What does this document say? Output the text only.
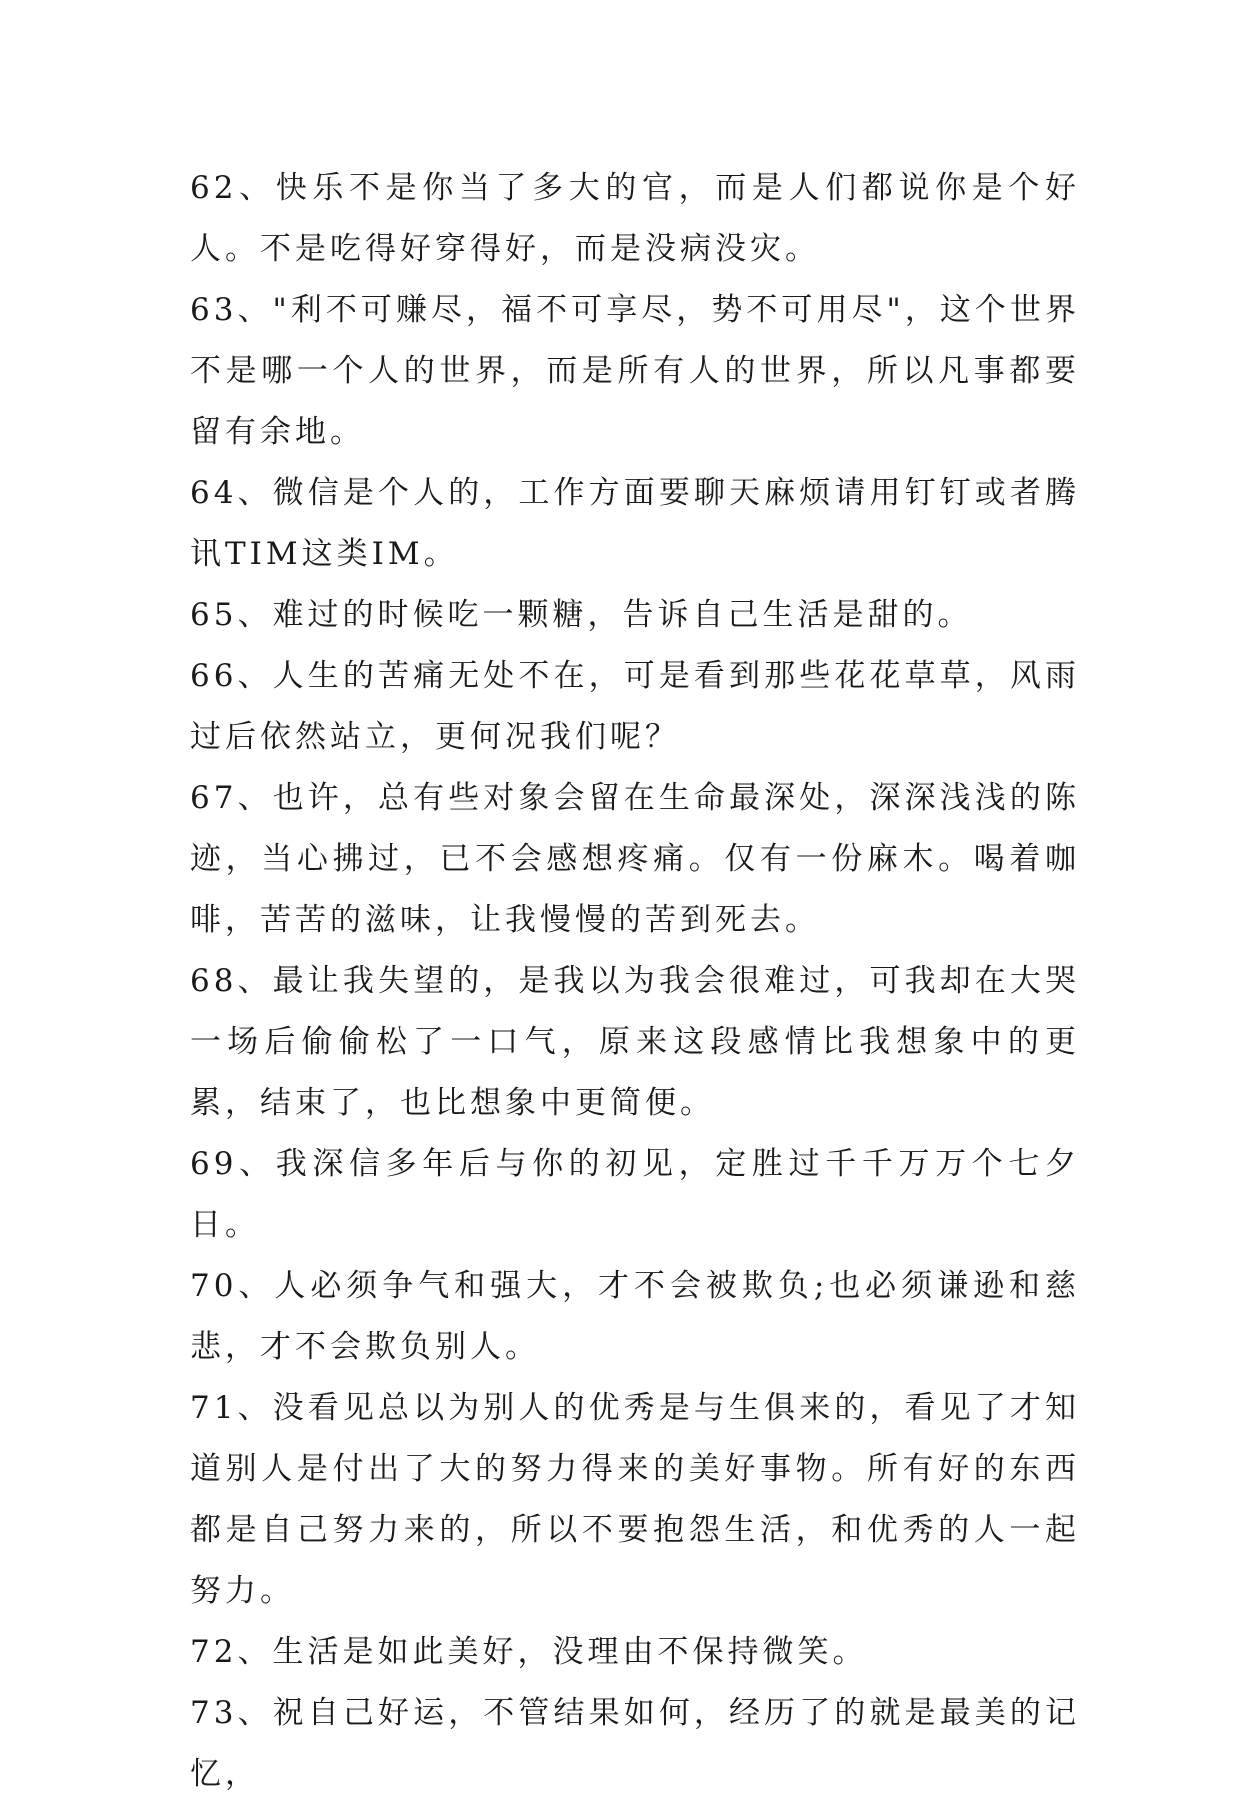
62、快乐不是你当了多大的官，而是人们都说你是个好人。不是吃得好穿得好，而是没病没灾。

63、"利不可赚尽，福不可享尽，势不可用尽"，这个世界不是哪一个人的世界，而是所有人的世界，所以凡事都要留有余地。

64、微信是个人的，工作方面要聊天麻烦请用钉钉或者腾讯TIM这类IM。

65、难过的时候吃一颗糖，告诉自己生活是甜的。

66、人生的苦痛无处不在，可是看到那些花花草草，风雨过后依然站立，更何况我们呢？

67、也许，总有些对象会留在生命最深处，深深浅浅的陈迹，当心拂过，已不会感想疼痛。仅有一份麻木。喝着咖啡，苦苦的滋味，让我慢慢的苦到死去。

68、最让我失望的，是我以为我会很难过，可我却在大哭一场后偷偷松了一口气，原来这段感情比我想象中的更累，结束了，也比想象中更简便。

69、我深信多年后与你的初见，定胜过千千万万个七夕日。

70、人必须争气和强大，才不会被欺负;也必须谦逊和慈悲，才不会欺负别人。

71、没看见总以为别人的优秀是与生俱来的，看见了才知道别人是付出了大的努力得来的美好事物。所有好的东西都是自己努力来的，所以不要抱怨生活，和优秀的人一起努力。

72、生活是如此美好，没理由不保持微笑。

73、祝自己好运，不管结果如何，经历了的就是最美的记忆，
